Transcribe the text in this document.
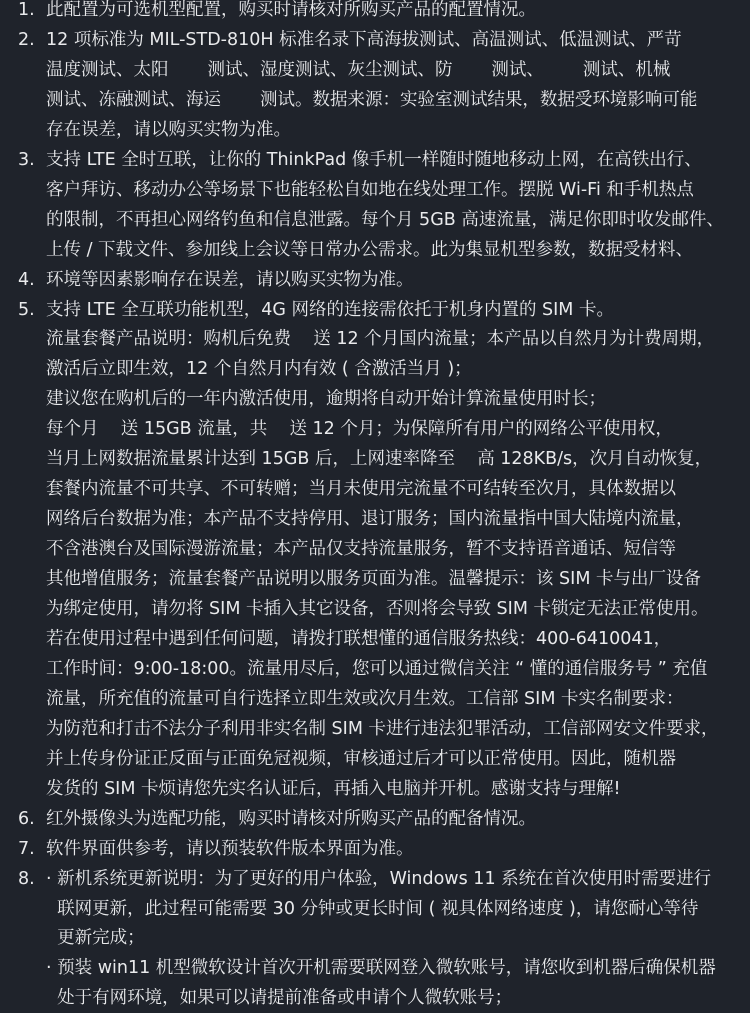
1. 此配置为可选机型配置，购买时请核对所购买产品的配置情况。
2. 12 项标准为 MIL-STD-810H 标准名录下高海拔测试、高温测试、低温测试、严苛
温度测试、太阳       测试、湿度测试、灰尘测试、防       测试、       测试、机械
测试、冻融测试、海运       测试。数据来源：实验室测试结果，数据受环境影响可能
存在误差，请以购买实物为准。
3. 支持 LTE 全时互联，让你的 ThinkPad 像手机一样随时随地移动上网，在高铁出行、
客户拜访、移动办公等场景下也能轻松自如地在线处理工作。摆脱 Wi-Fi 和手机热点
的限制，不再担心网络钓鱼和信息泄露。每个月 5GB 高速流量，满足你即时收发邮件、
上传 / 下载文件、参加线上会议等日常办公需求。此为集显机型参数，数据受材料、
4. 环境等因素影响存在误差，请以购买实物为准。
5. 支持 LTE 全互联功能机型，4G 网络的连接需依托于机身内置的 SIM 卡。
流量套餐产品说明：购机后免费    送 12 个月国内流量；本产品以自然月为计费周期，
激活后立即生效，12 个自然月内有效 ( 含激活当月 )；
建议您在购机后的一年内激活使用，逾期将自动开始计算流量使用时长；
每个月    送 15GB 流量，共    送 12 个月；为保障所有用户的网络公平使用权，
当月上网数据流量累计达到 15GB 后，上网速率降至    高 128KB/s，次月自动恢复，
套餐内流量不可共享、不可转赠；当月未使用完流量不可结转至次月，具体数据以
网络后台数据为准；本产品不支持停用、退订服务；国内流量指中国大陆境内流量，
不含港澳台及国际漫游流量；本产品仅支持流量服务，暂不支持语音通话、短信等
其他增值服务；流量套餐产品说明以服务页面为准。温馨提示：该 SIM 卡与出厂设备
为绑定使用，请勿将 SIM 卡插入其它设备，否则将会导致 SIM 卡锁定无法正常使用。
若在使用过程中遇到任何问题，请拨打联想懂的通信服务热线：400-6410041，
工作时间：9:00-18:00。流量用尽后，您可以通过微信关注 “ 懂的通信服务号 ” 充值
流量，所充值的流量可自行选择立即生效或次月生效。工信部 SIM 卡实名制要求：
为防范和打击不法分子利用非实名制 SIM 卡进行违法犯罪活动，工信部网安文件要求，
并上传身份证正反面与正面免冠视频，审核通过后才可以正常使用。因此，随机器
发货的 SIM 卡烦请您先实名认证后，再插入电脑并开机。感谢支持与理解!
6. 红外摄像头为选配功能，购买时请核对所购买产品的配备情况。
7. 软件界面供参考，请以预装软件版本界面为准。
8. · 新机系统更新说明：为了更好的用户体验，Windows 11 系统在首次使用时需要进行
联网更新，此过程可能需要 30 分钟或更长时间 ( 视具体网络速度 )，请您耐心等待
更新完成；
· 预装 win11 机型微软设计首次开机需要联网登入微软账号，请您收到机器后确保机器
处于有网环境，如果可以请提前准备或申请个人微软账号；
